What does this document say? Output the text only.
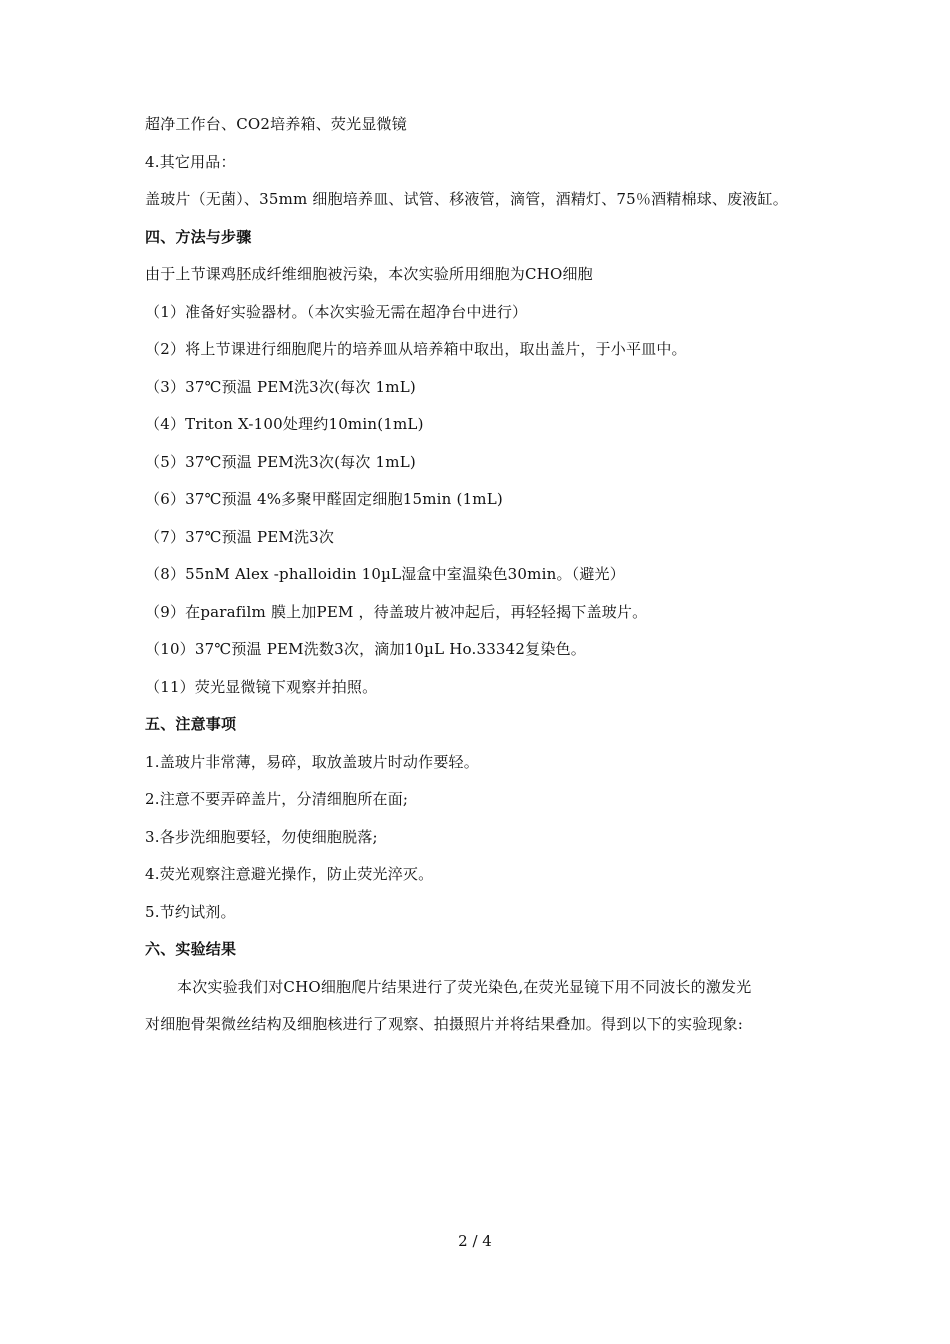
超净工作台、CO2培养箱、荧光显微镜
4.其它用品：
盖玻片（无菌）、35mm 细胞培养皿、试管、移液管，滴管，酒精灯、75％酒精棉球、废液缸。
四、方法与步骤
由于上节课鸡胚成纤维细胞被污染，本次实验所用细胞为CHO细胞
（1）准备好实验器材。（本次实验无需在超净台中进行）
（2）将上节课进行细胞爬片的培养皿从培养箱中取出，取出盖片，于小平皿中。
（3）37℃预温 PEM洗3次(每次 1mL)
（4）Triton X-100处理约10min(1mL)
（5）37℃预温 PEM洗3次(每次 1mL)
（6）37℃预温 4%多聚甲醛固定细胞15min (1mL)
（7）37℃预温 PEM洗3次
（8）55nM Alex -phalloidin 10µL湿盒中室温染色30min。（避光）
（9）在parafilm 膜上加PEM ，待盖玻片被冲起后，再轻轻揭下盖玻片。
（10）37℃预温 PEM洗数3次，滴加10µL Ho.33342复染色。
（11）荧光显微镜下观察并拍照。
五、注意事项
1.盖玻片非常薄，易碎，取放盖玻片时动作要轻。
2.注意不要弄碎盖片，分清细胞所在面;
3.各步洗细胞要轻，勿使细胞脱落;
4.荧光观察注意避光操作，防止荧光淬灭。
5.节约试剂。
六、实验结果
本次实验我们对CHO细胞爬片结果进行了荧光染色,在荧光显镜下用不同波长的激发光
对细胞骨架微丝结构及细胞核进行了观察、拍摄照片并将结果叠加。得到以下的实验现象:
2 / 4
